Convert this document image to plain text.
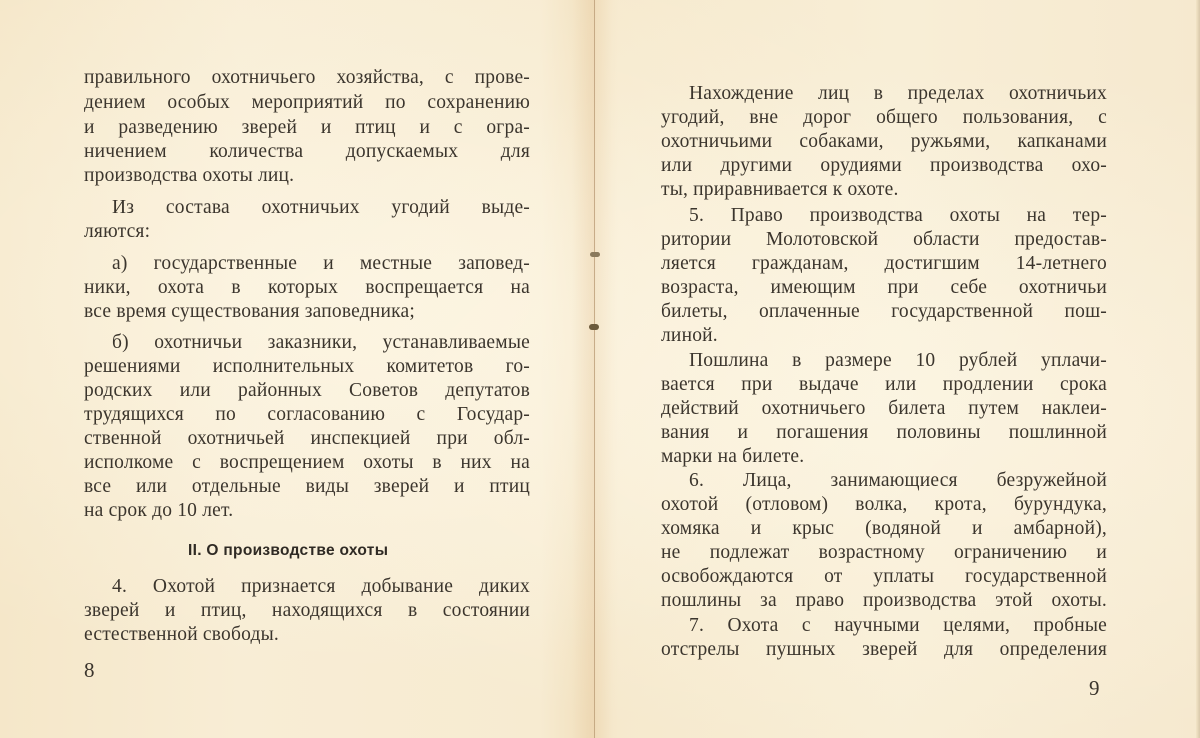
правильного охотничьего хозяйства, с прове-
дением особых мероприятий по сохранению
и разведению зверей и птиц и с огра-
ничением количества допускаемых для
производства охоты лиц.
Из состава охотничьих угодий выде-
ляются:
а) государственные и местные заповед-
ники, охота в которых воспрещается на
все время существования заповедника;
б) охотничьи заказники, устанавливаемые
решениями исполнительных комитетов го-
родских или районных Советов депутатов
трудящихся по согласованию с Государ-
ственной охотничьей инспекцией при обл-
исполкоме с воспрещением охоты в них на
все или отдельные виды зверей и птиц
на срок до 10 лет.
II. О производстве охоты
4. Охотой признается добывание диких
зверей и птиц, находящихся в состоянии
естественной свободы.
8
Нахождение лиц в пределах охотничьих
угодий, вне дорог общего пользования, с
охотничьими собаками, ружьями, капканами
или другими орудиями производства охо-
ты, приравнивается к охоте.
5. Право производства охоты на тер-
ритории Молотовской области предостав-
ляется гражданам, достигшим 14-летнего
возраста, имеющим при себе охотничьи
билеты, оплаченные государственной пош-
линой.
Пошлина в размере 10 рублей уплачи-
вается при выдаче или продлении срока
действий охотничьего билета путем наклеи-
вания и погашения половины пошлинной
марки на билете.
6. Лица, занимающиеся безружейной
охотой (отловом) волка, крота, бурундука,
хомяка и крыс (водяной и амбарной),
не подлежат возрастному ограничению и
освобождаются от уплаты государственной
пошлины за право производства этой охоты.
7. Охота с научными целями, пробные
отстрелы пушных зверей для определения
9
